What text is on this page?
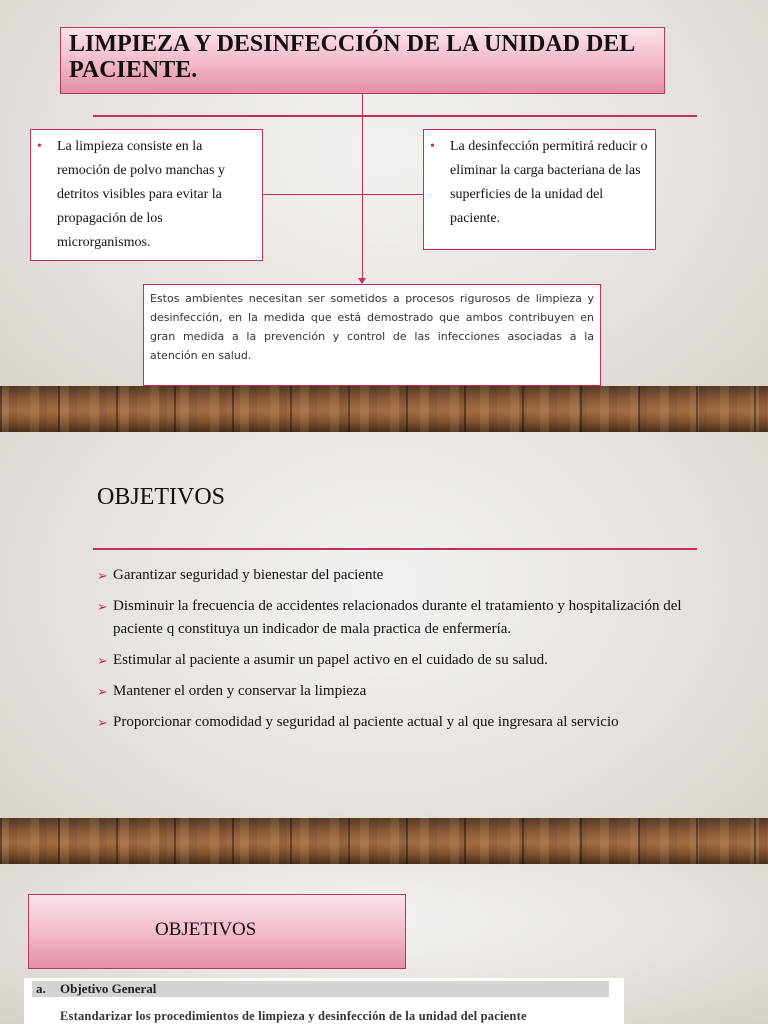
LIMPIEZA Y DESINFECCIÓN DE LA UNIDAD DEL PACIENTE.
•	La limpieza consiste en la remoción de polvo manchas y detritos visibles para evitar la propagación de los microrganismos.
•	La desinfección permitirá reducir o eliminar la carga bacteriana de las superficies de la unidad del paciente.
Estos ambientes necesitan ser sometidos a procesos rigurosos de limpieza y desinfección, en la medida que está demostrado que ambos contribuyen en gran medida a la prevención y control de las infecciones asociadas a la atención en salud.
OBJETIVOS
➢ Garantizar seguridad y bienestar del paciente
➢ Disminuir la frecuencia de accidentes relacionados durante el tratamiento y hospitalización del paciente q constituya un indicador de mala practica de enfermería.
➢ Estimular al paciente a asumir un papel activo en el cuidado de su salud.
➢ Mantener el orden y conservar la limpieza
➢ Proporcionar comodidad y seguridad al paciente actual y al que ingresara al servicio
OBJETIVOS
a. Objetivo General
Estandarizar los procedimientos de limpieza y desinfección de la unidad del paciente
